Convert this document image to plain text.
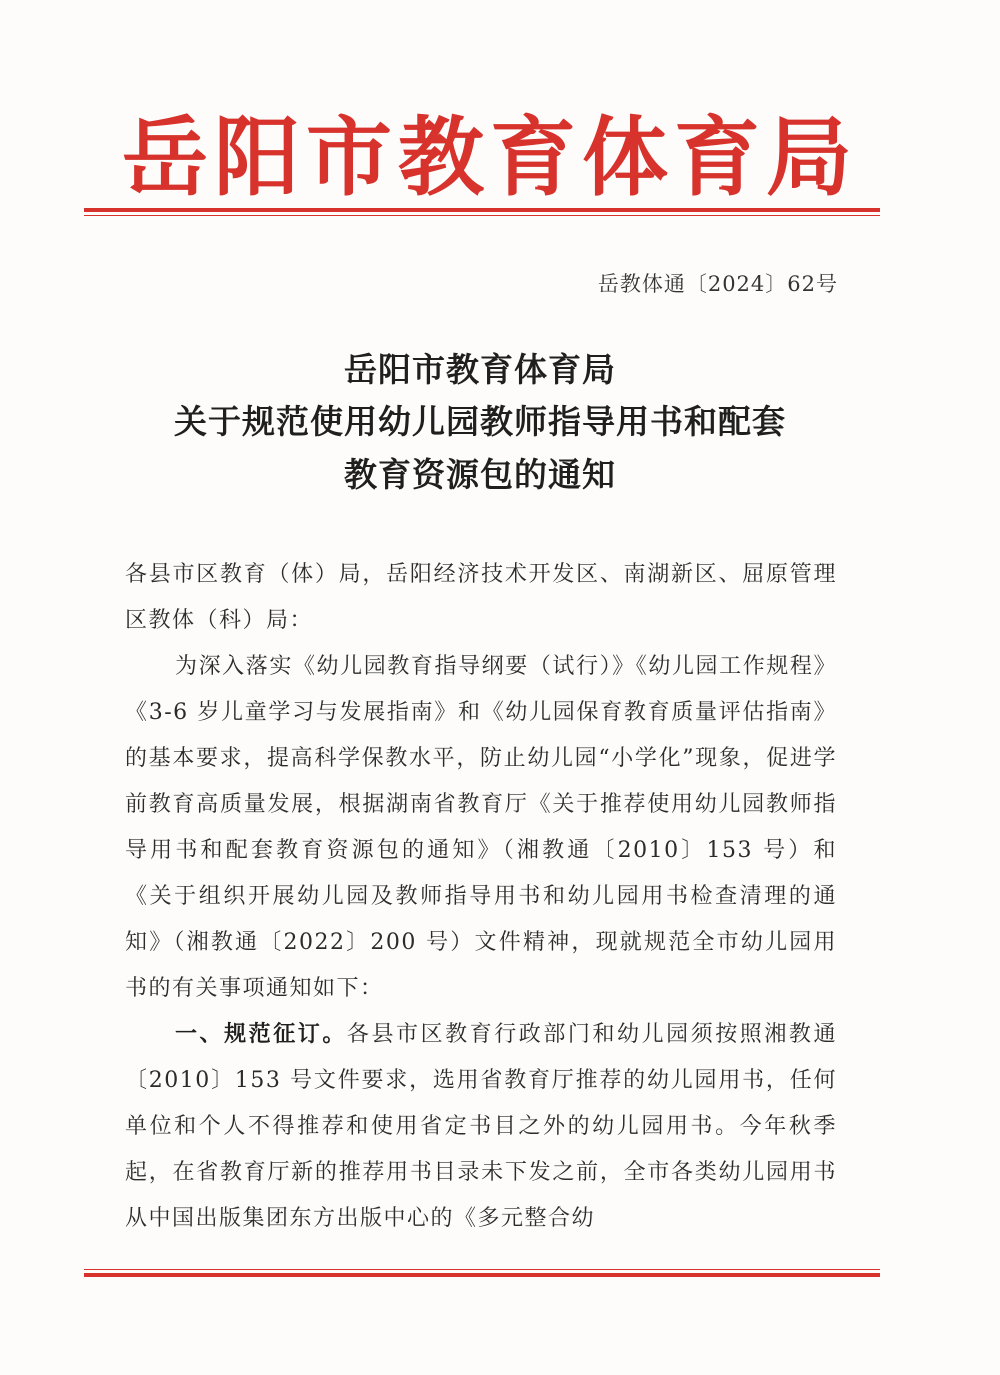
岳阳市教育体育局
岳教体通〔2024〕62号
岳阳市教育体育局
关于规范使用幼儿园教师指导用书和配套
教育资源包的通知

各县市区教育（体）局，岳阳经济技术开发区、南湖新区、屈原管理区教体（科）局：

为深入落实《幼儿园教育指导纲要（试行）》《幼儿园工作规程》《3-6 岁儿童学习与发展指南》和《幼儿园保育教育质量评估指南》的基本要求，提高科学保教水平，防止幼儿园“小学化”现象，促进学前教育高质量发展，根据湖南省教育厅《关于推荐使用幼儿园教师指导用书和配套教育资源包的通知》（湘教通〔2010〕153 号）和《关于组织开展幼儿园及教师指导用书和幼儿园用书检查清理的通知》（湘教通〔2022〕200 号）文件精神，现就规范全市幼儿园用书的有关事项通知如下：

一、规范征订。各县市区教育行政部门和幼儿园须按照湘教通〔2010〕153 号文件要求，选用省教育厅推荐的幼儿园用书，任何单位和个人不得推荐和使用省定书目之外的幼儿园用书。今年秋季起，在省教育厅新的推荐用书目录未下发之前，全市各类幼儿园用书从中国出版集团东方出版中心的《多元整合幼
